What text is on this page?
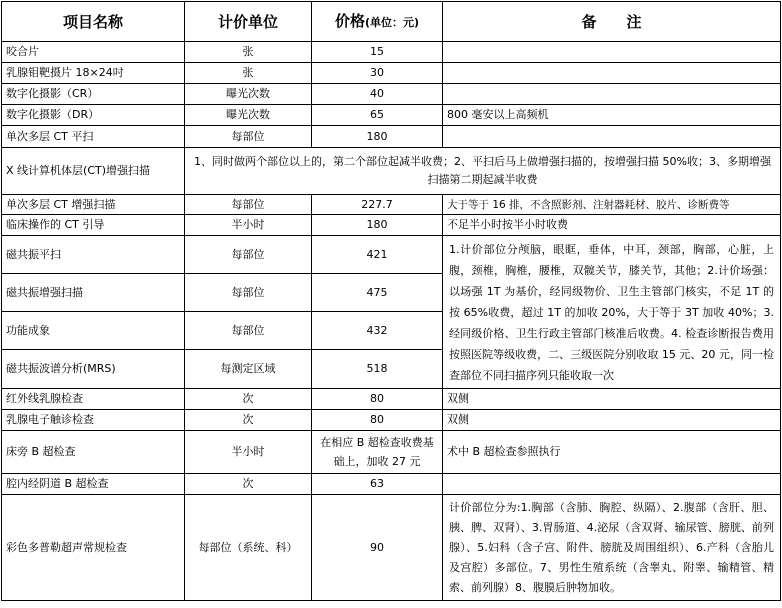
项目名称	计价单位	价格(单位：元)	备　　注
咬合片	张	15	
乳腺钼靶摄片 18×24吋	张	30	
数字化摄影（CR）	曝光次数	40	
数字化摄影（DR）	曝光次数	65	800 毫安以上高频机
单次多层 CT 平扫	每部位	180	
X 线计算机体层(CT)增强扫描	1、同时做两个部位以上的，第二个部位起减半收费；2、平扫后马上做增强扫描的，按增强扫描 50%收；3、多期增强扫描第二期起减半收费		
单次多层 CT 增强扫描	每部位	227.7	大于等于 16 排，不含照影剂、注射器耗材、胶片、诊断费等
临床操作的 CT 引导	半小时	180	不足半小时按半小时收费
磁共振平扫	每部位	421	1.计价部位分颅脑，眼眶，垂体，中耳，颈部，胸部，心脏，上腹，颈椎，胸椎，腰椎，双髋关节，膝关节，其他；2.计价场强：以场强 1T 为基价，经同级物价、卫生主管部门核实，不足 1T 的按 65%收费，超过 1T 的加收 20%，大于等于 3T 加收 40%；3.经同级价格、卫生行政主管部门核准后收费。4. 检查诊断报告费用按照医院等级收费，二、三级医院分别收取 15 元、20 元，同一检查部位不同扫描序列只能收取一次
磁共振增强扫描	每部位	475	
功能成象	每部位	432	
磁共振波谱分析(MRS)	每测定区域	518	
红外线乳腺检查	次	80	双侧
乳腺电子触诊检查	次	80	双侧
床旁 B 超检查	半小时	在相应 B 超检查收费基础上，加收 27 元	术中 B 超检查参照执行
腔内经阴道 B 超检查	次	63	
彩色多普勒超声常规检查	每部位（系统、科）	90	计价部位分为:1.胸部（含肺、胸腔、纵隔）、2.腹部（含肝、胆、胰、脾、双肾）、3.胃肠道、4.泌尿（含双肾、输尿管、膀胱、前列腺）、5.妇科（含子宫、附件、膀胱及周围组织）、6.产科（含胎儿及宫腔）多部位。7、男性生殖系统（含睾丸、附睾、输精管、精索、前列腺）8、腹膜后肿物加收。
